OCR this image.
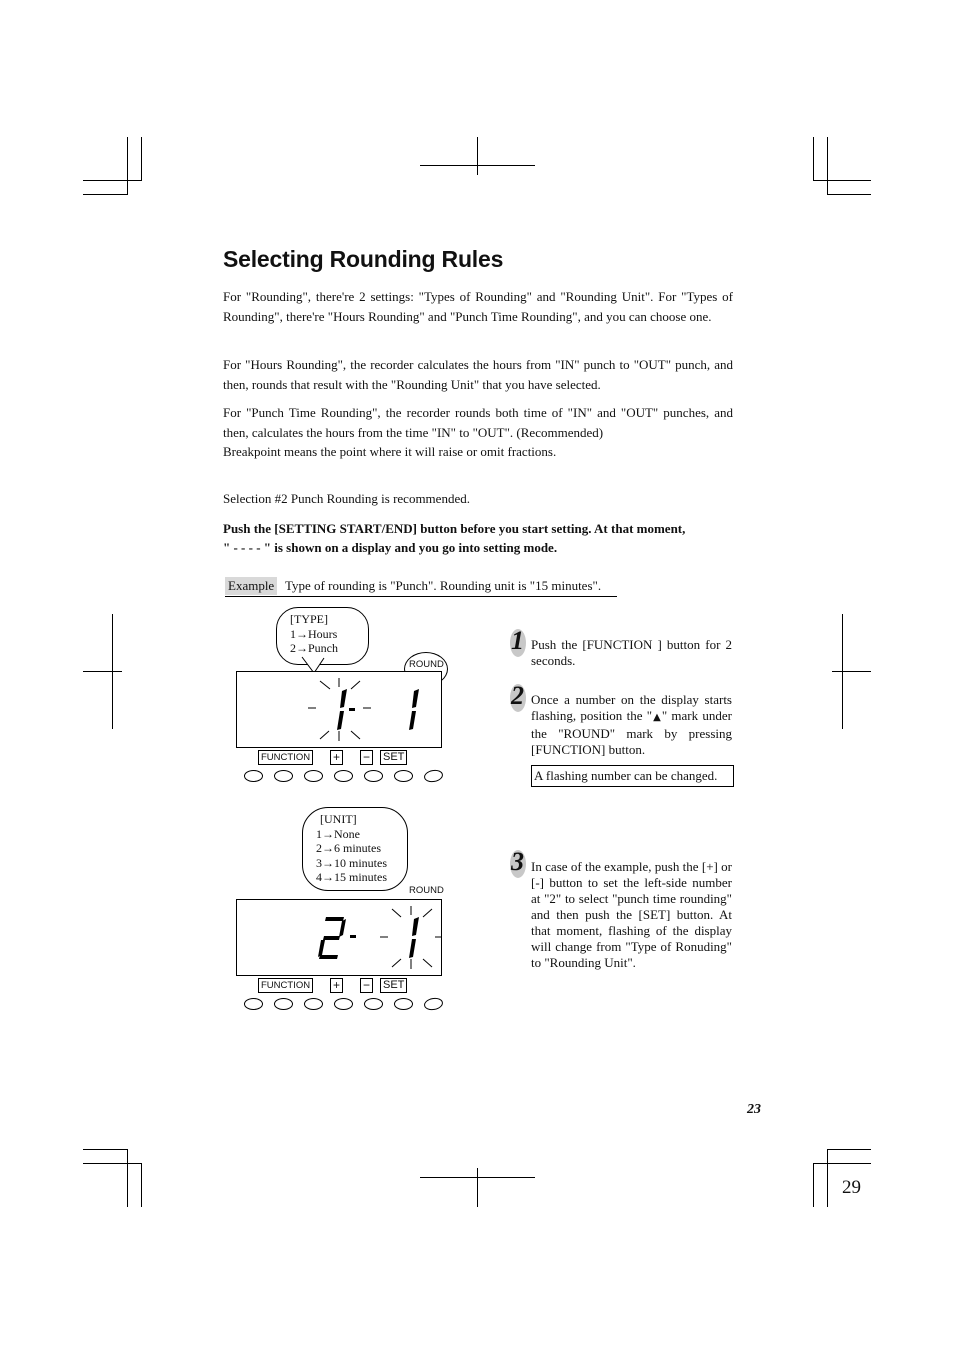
Selecting Rounding Rules

For "Rounding", there're 2 settings: "Types of Rounding" and "Rounding Unit". For "Types of Rounding", there're "Hours Rounding" and "Punch Time Rounding", and you can choose one.

For "Hours Rounding", the recorder calculates the hours from "IN" punch to "OUT" punch, and then, rounds that result with the "Rounding Unit" that you have selected.

For "Punch Time Rounding", the recorder rounds both time of "IN" and "OUT" punches, and then, calculates the hours from the time "IN" to "OUT". (Recommended)

Breakpoint means the point where it will raise or omit fractions.

Selection #2 Punch Rounding is recommended.

Push the [SETTING START/END] button before you start setting. At that moment,

" - - - - " is shown on a display and you go into setting mode.

Example Type of rounding is "Punch". Rounding unit is "15 minutes".
[TYPE]
1→Hours
2→Punch
ROUND
FUNCTION + − SET
[UNIT]
1→None
2→6 minutes
3→10 minutes
4→15 minutes
ROUND
FUNCTION + − SET
1 Push the [FUNCTION ] button for 2 seconds.
2 Once a number on the display starts flashing, position the "▲" mark under the "ROUND" mark by pressing [FUNCTION] button.
A flashing number can be changed.
3 In case of the example, push the [+] or [-] button to set the left-side number at "2" to select "punch time rounding" and then push the [SET] button. At that moment, flashing of the display will change from "Type of Ronuding" to "Rounding Unit".
23
29
